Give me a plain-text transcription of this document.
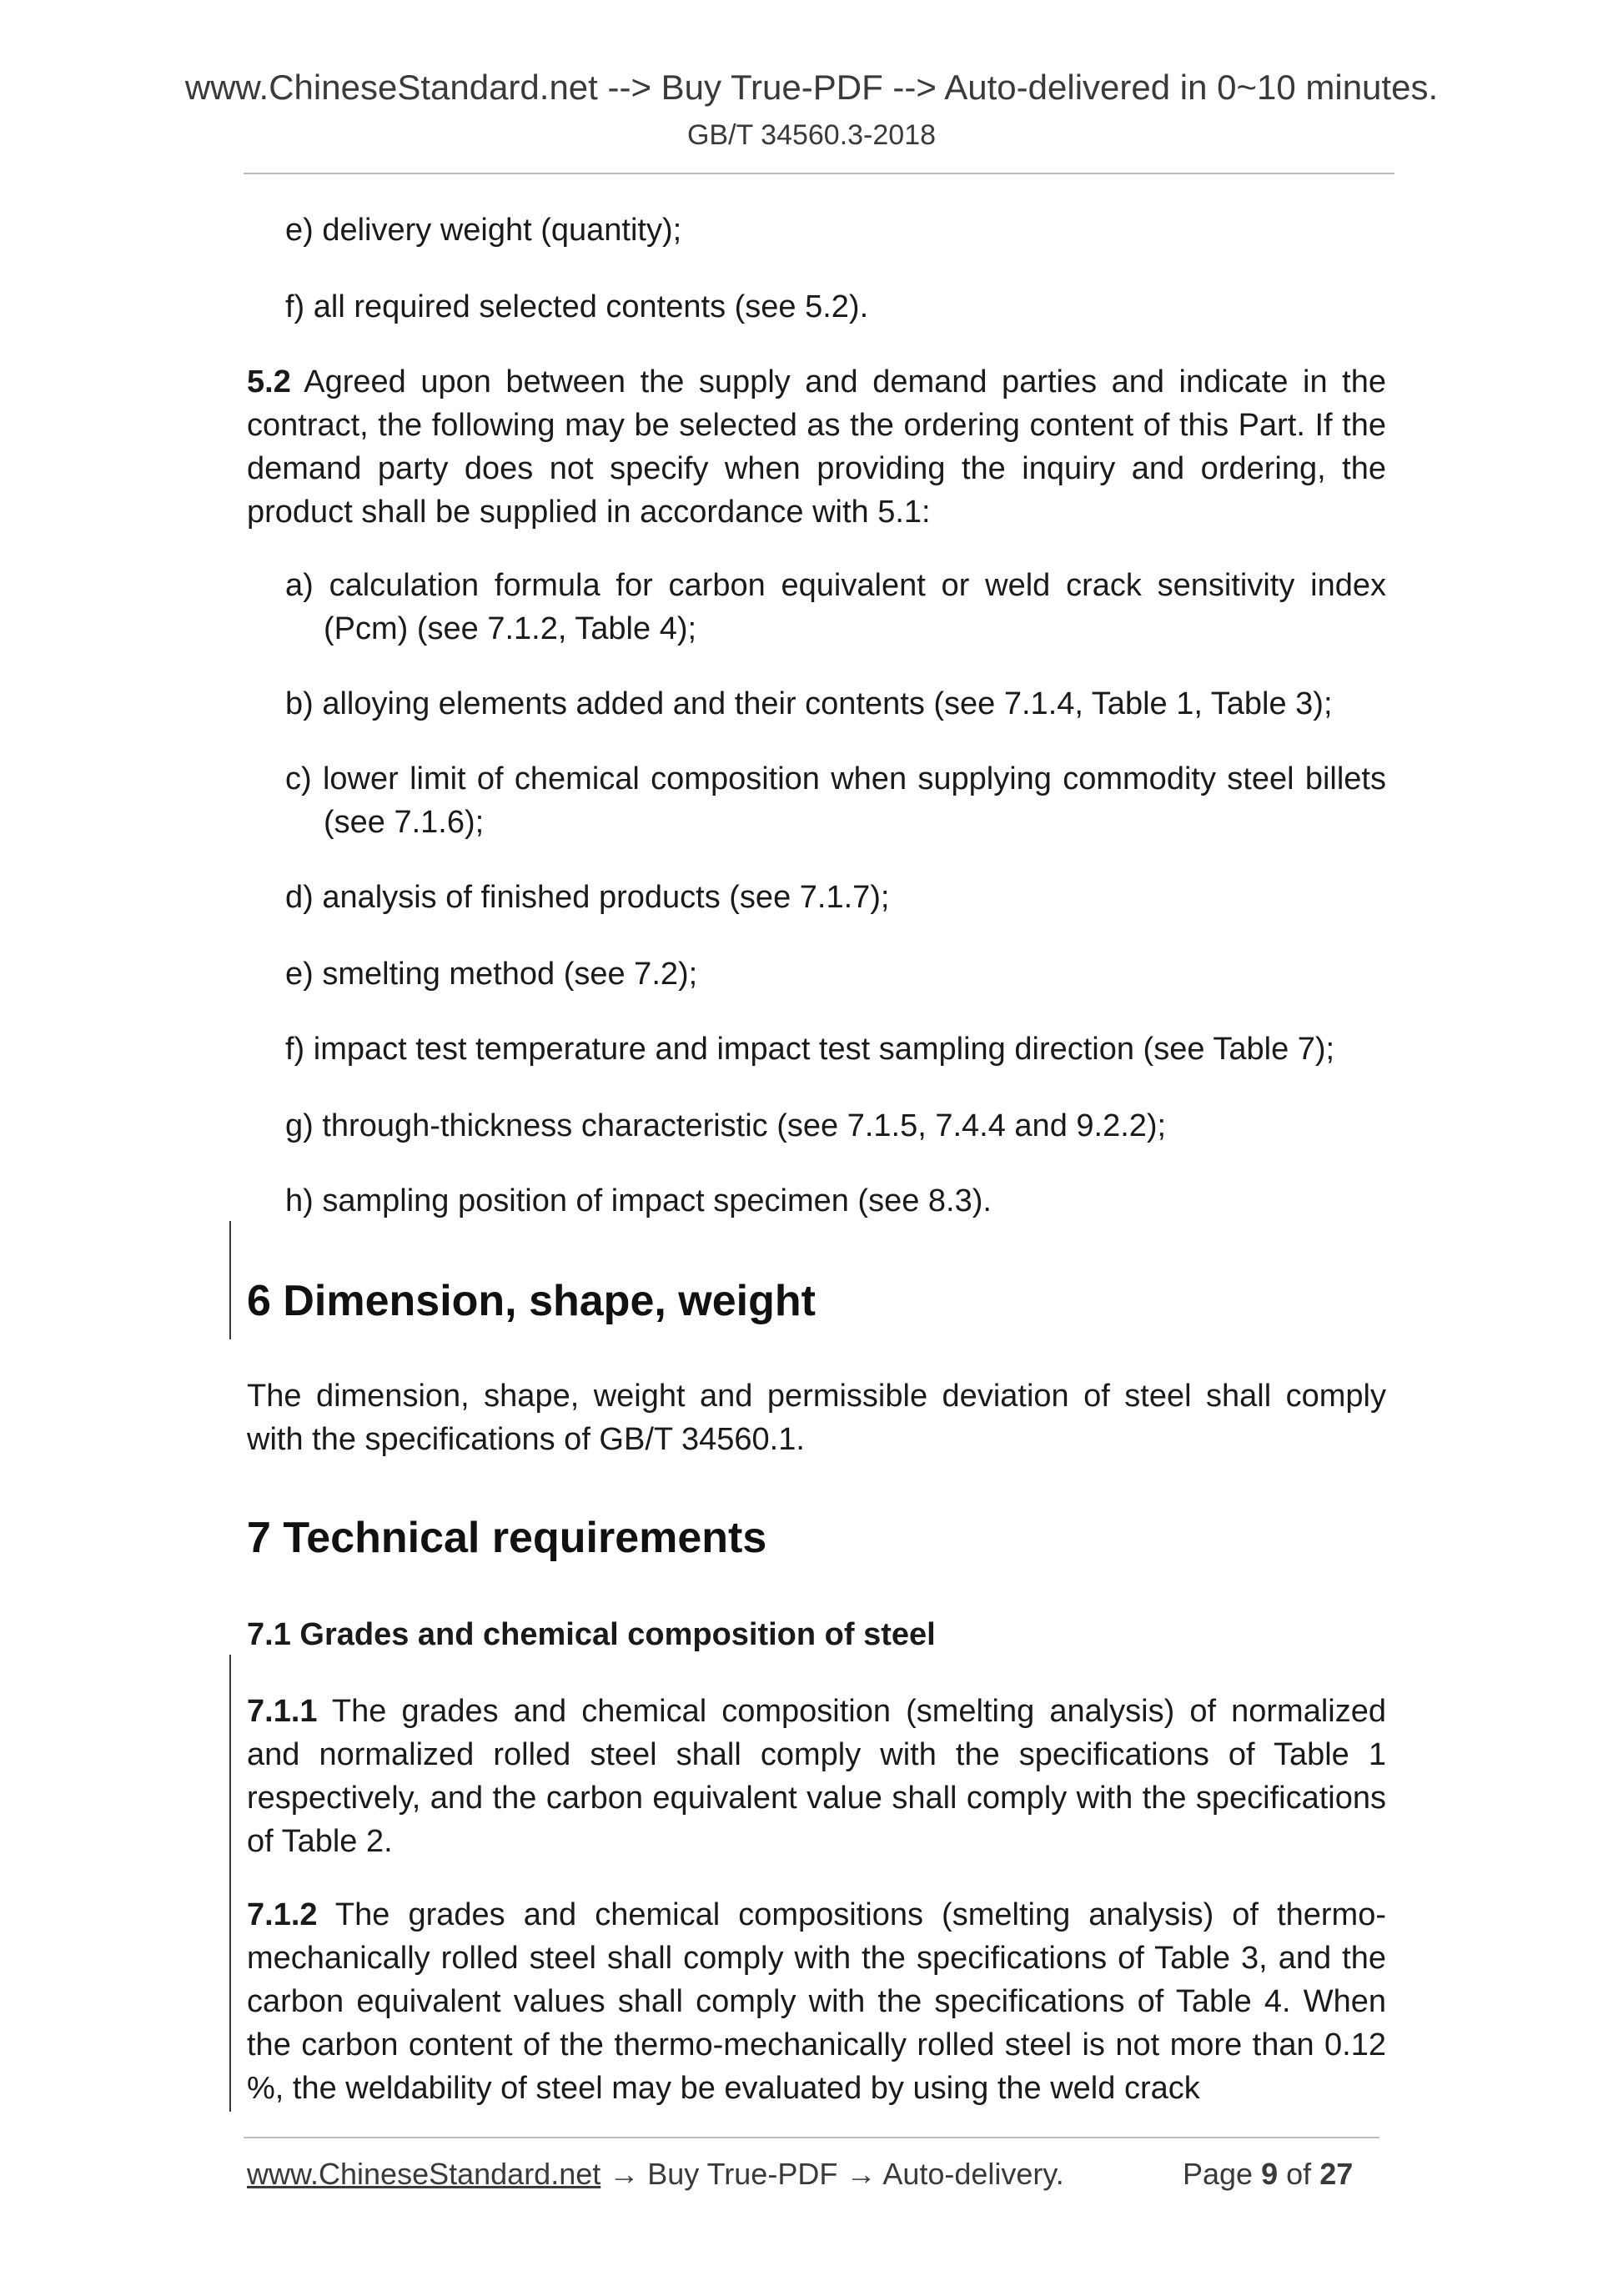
www.ChineseStandard.net --> Buy True-PDF --> Auto-delivered in 0~10 minutes.
GB/T 34560.3-2018

e) delivery weight (quantity);

f) all required selected contents (see 5.2).

5.2 Agreed upon between the supply and demand parties and indicate in the contract, the following may be selected as the ordering content of this Part. If the demand party does not specify when providing the inquiry and ordering, the product shall be supplied in accordance with 5.1:

a) calculation formula for carbon equivalent or weld crack sensitivity index (Pcm) (see 7.1.2, Table 4);

b) alloying elements added and their contents (see 7.1.4, Table 1, Table 3);

c) lower limit of chemical composition when supplying commodity steel billets (see 7.1.6);

d) analysis of finished products (see 7.1.7);

e) smelting method (see 7.2);

f) impact test temperature and impact test sampling direction (see Table 7);

g) through-thickness characteristic (see 7.1.5, 7.4.4 and 9.2.2);

h) sampling position of impact specimen (see 8.3).

6 Dimension, shape, weight

The dimension, shape, weight and permissible deviation of steel shall comply with the specifications of GB/T 34560.1.

7 Technical requirements
7.1 Grades and chemical composition of steel

7.1.1 The grades and chemical composition (smelting analysis) of normalized and normalized rolled steel shall comply with the specifications of Table 1 respectively, and the carbon equivalent value shall comply with the specifications of Table 2.

7.1.2 The grades and chemical compositions (smelting analysis) of thermo-mechanically rolled steel shall comply with the specifications of Table 3, and the carbon equivalent values shall comply with the specifications of Table 4. When the carbon content of the thermo-mechanically rolled steel is not more than 0.12 %, the weldability of steel may be evaluated by using the weld crack

www.ChineseStandard.net → Buy True-PDF → Auto-delivery.	Page 9 of 27
